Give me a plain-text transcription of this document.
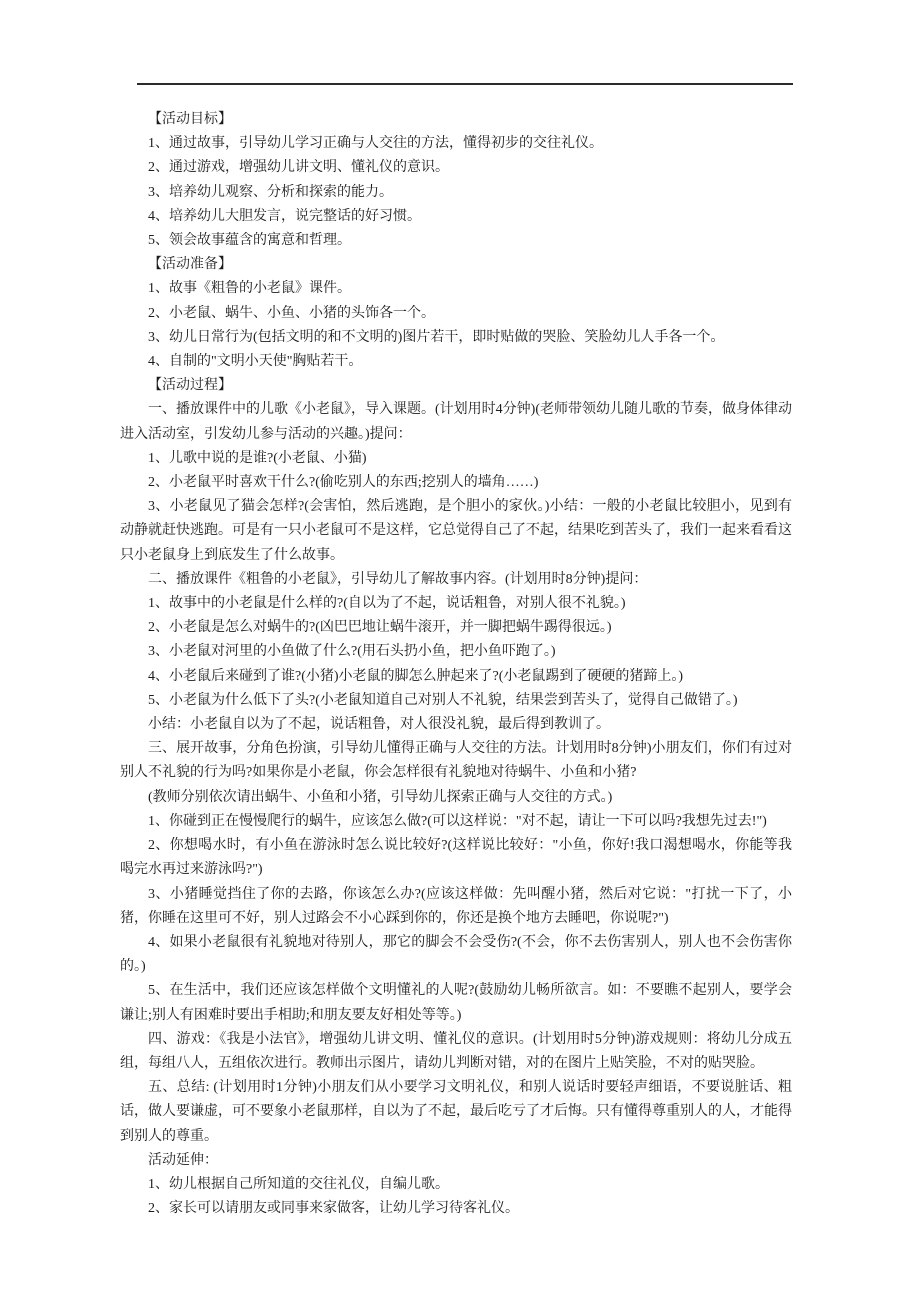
【活动目标】

1、通过故事，引导幼儿学习正确与人交往的方法，懂得初步的交往礼仪。

2、通过游戏，增强幼儿讲文明、懂礼仪的意识。

3、培养幼儿观察、分析和探索的能力。

4、培养幼儿大胆发言，说完整话的好习惯。

5、领会故事蕴含的寓意和哲理。

【活动准备】

1、故事《粗鲁的小老鼠》课件。

2、小老鼠、蜗牛、小鱼、小猪的头饰各一个。

3、幼儿日常行为(包括文明的和不文明的)图片若干，即时贴做的哭脸、笑脸幼儿人手各一个。

4、自制的"文明小天使"胸贴若干。

【活动过程】

一、播放课件中的儿歌《小老鼠》，导入课题。(计划用时4分钟)(老师带领幼儿随儿歌的节奏，做身体律动进入活动室，引发幼儿参与活动的兴趣。)提问：

1、儿歌中说的是谁?(小老鼠、小猫)

2、小老鼠平时喜欢干什么?(偷吃别人的东西;挖别人的墙角……)

3、小老鼠见了猫会怎样?(会害怕，然后逃跑，是个胆小的家伙。)小结：一般的小老鼠比较胆小，见到有动静就赶快逃跑。可是有一只小老鼠可不是这样，它总觉得自己了不起，结果吃到苦头了，我们一起来看看这只小老鼠身上到底发生了什么故事。

二、播放课件《粗鲁的小老鼠》，引导幼儿了解故事内容。(计划用时8分钟)提问：

1、故事中的小老鼠是什么样的?(自以为了不起，说话粗鲁，对别人很不礼貌。)

2、小老鼠是怎么对蜗牛的?(凶巴巴地让蜗牛滚开，并一脚把蜗牛踢得很远。)

3、小老鼠对河里的小鱼做了什么?(用石头扔小鱼，把小鱼吓跑了。)

4、小老鼠后来碰到了谁?(小猪)小老鼠的脚怎么肿起来了?(小老鼠踢到了硬硬的猪蹄上。)

5、小老鼠为什么低下了头?(小老鼠知道自己对别人不礼貌，结果尝到苦头了，觉得自己做错了。)

小结：小老鼠自以为了不起，说话粗鲁，对人很没礼貌，最后得到教训了。

三、展开故事，分角色扮演，引导幼儿懂得正确与人交往的方法。计划用时8分钟)小朋友们，你们有过对别人不礼貌的行为吗?如果你是小老鼠，你会怎样很有礼貌地对待蜗牛、小鱼和小猪?

(教师分别依次请出蜗牛、小鱼和小猪，引导幼儿探索正确与人交往的方式。)

1、你碰到正在慢慢爬行的蜗牛，应该怎么做?(可以这样说："对不起，请让一下可以吗?我想先过去!")

2、你想喝水时，有小鱼在游泳时怎么说比较好?(这样说比较好："小鱼，你好!我口渴想喝水，你能等我喝完水再过来游泳吗?")

3、小猪睡觉挡住了你的去路，你该怎么办?(应该这样做：先叫醒小猪，然后对它说："打扰一下了，小猪，你睡在这里可不好，别人过路会不小心踩到你的，你还是换个地方去睡吧，你说呢?")

4、如果小老鼠很有礼貌地对待别人，那它的脚会不会受伤?(不会，你不去伤害别人，别人也不会伤害你的。)

5、在生活中，我们还应该怎样做个文明懂礼的人呢?(鼓励幼儿畅所欲言。如：不要瞧不起别人，要学会谦让;别人有困难时要出手相助;和朋友要友好相处等等。)

四、游戏：《我是小法官》，增强幼儿讲文明、懂礼仪的意识。(计划用时5分钟)游戏规则：将幼儿分成五组，每组八人，五组依次进行。教师出示图片，请幼儿判断对错，对的在图片上贴笑脸，不对的贴哭脸。

五、总结: (计划用时1分钟)小朋友们从小要学习文明礼仪，和别人说话时要轻声细语，不要说脏话、粗话，做人要谦虚，可不要象小老鼠那样，自以为了不起，最后吃亏了才后悔。只有懂得尊重别人的人，才能得到别人的尊重。

活动延伸：

1、幼儿根据自己所知道的交往礼仪，自编儿歌。

2、家长可以请朋友或同事来家做客，让幼儿学习待客礼仪。
